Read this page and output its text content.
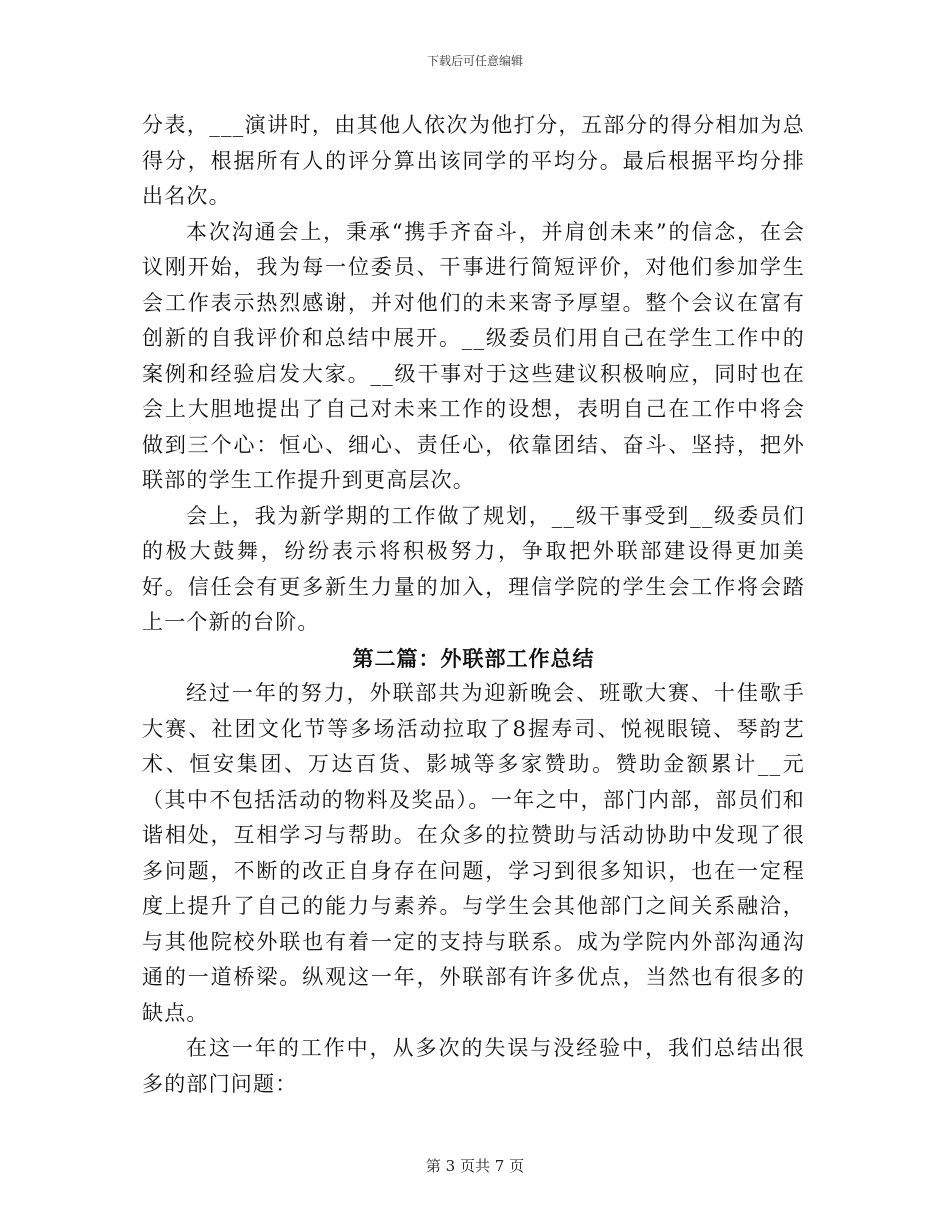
下载后可任意编辑

分表，___演讲时，由其他人依次为他打分，五部分的得分相加为总得分，根据所有人的评分算出该同学的平均分。最后根据平均分排出名次。

本次沟通会上，秉承“携手齐奋斗，并肩创未来”的信念，在会议刚开始，我为每一位委员、干事进行简短评价，对他们参加学生会工作表示热烈感谢，并对他们的未来寄予厚望。整个会议在富有创新的自我评价和总结中展开。__级委员们用自己在学生工作中的案例和经验启发大家。__级干事对于这些建议积极响应，同时也在会上大胆地提出了自己对未来工作的设想，表明自己在工作中将会做到三个心：恒心、细心、责任心，依靠团结、奋斗、坚持，把外联部的学生工作提升到更高层次。

会上，我为新学期的工作做了规划，__级干事受到__级委员们的极大鼓舞，纷纷表示将积极努力，争取把外联部建设得更加美好。信任会有更多新生力量的加入，理信学院的学生会工作将会踏上一个新的台阶。

第二篇：外联部工作总结

经过一年的努力，外联部共为迎新晚会、班歌大赛、十佳歌手大赛、社团文化节等多场活动拉取了8握寿司、悦视眼镜、琴韵艺术、恒安集团、万达百货、影城等多家赞助。赞助金额累计__元（其中不包括活动的物料及奖品）。一年之中，部门内部，部员们和谐相处，互相学习与帮助。在众多的拉赞助与活动协助中发现了很多问题，不断的改正自身存在问题，学习到很多知识，也在一定程度上提升了自己的能力与素养。与学生会其他部门之间关系融洽，与其他院校外联也有着一定的支持与联系。成为学院内外部沟通沟通的一道桥梁。纵观这一年，外联部有许多优点，当然也有很多的缺点。

在这一年的工作中，从多次的失误与没经验中，我们总结出很多的部门问题：

第 3 页共 7 页
